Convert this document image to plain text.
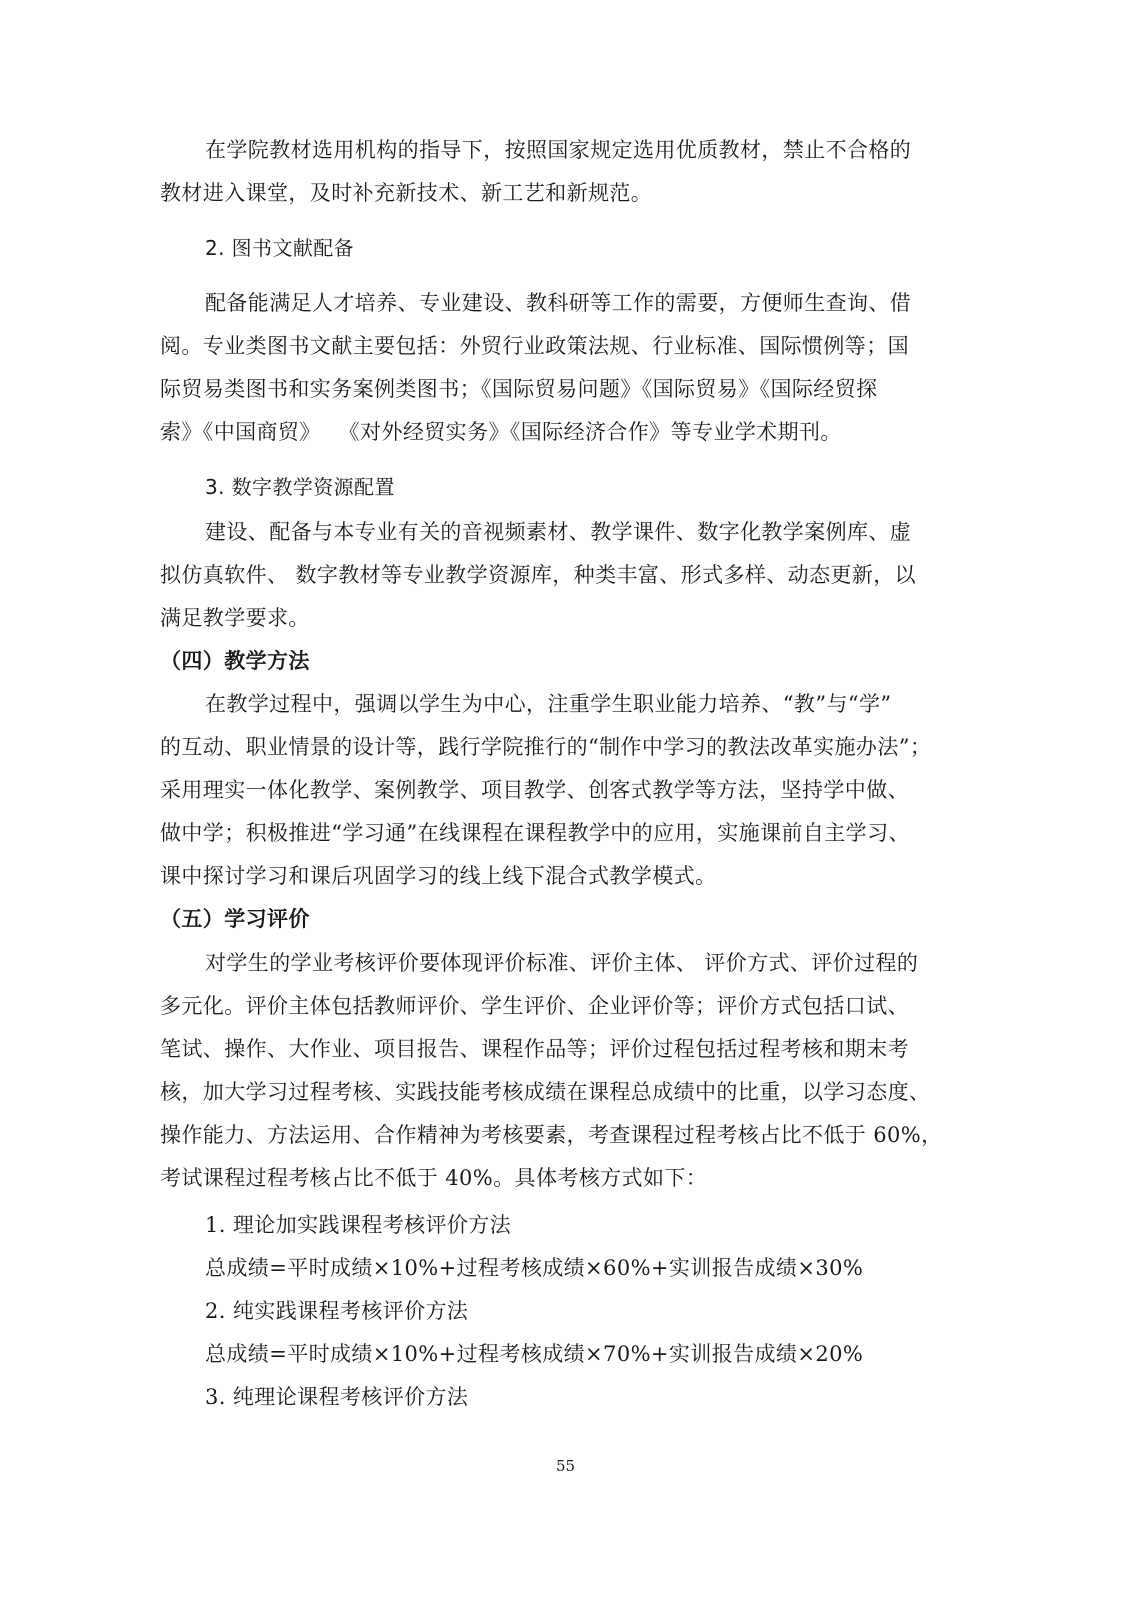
在学院教材选用机构的指导下，按照国家规定选用优质教材，禁止不合格的
教材进入课堂，及时补充新技术、新工艺和新规范。
2. 图书文献配备
配备能满足人才培养、专业建设、教科研等工作的需要，方便师生查询、借
阅。专业类图书文献主要包括：外贸行业政策法规、行业标准、国际惯例等；国
际贸易类图书和实务案例类图书；《国际贸易问题》《国际贸易》《国际经贸探
索》《中国商贸》　 《对外经贸实务》《国际经济合作》等专业学术期刊。
3. 数字教学资源配置
建设、配备与本专业有关的音视频素材、教学课件、数字化教学案例库、虚
拟仿真软件、 数字教材等专业教学资源库，种类丰富、形式多样、动态更新，以
满足教学要求。
（四）教学方法
在教学过程中，强调以学生为中心，注重学生职业能力培养、“教”与“学”
的互动、职业情景的设计等，践行学院推行的“制作中学习的教法改革实施办法”；
采用理实一体化教学、案例教学、项目教学、创客式教学等方法，坚持学中做、
做中学；积极推进“学习通”在线课程在课程教学中的应用，实施课前自主学习、
课中探讨学习和课后巩固学习的线上线下混合式教学模式。
（五）学习评价
对学生的学业考核评价要体现评价标准、评价主体、 评价方式、评价过程的
多元化。评价主体包括教师评价、学生评价、企业评价等；评价方式包括口试、
笔试、操作、大作业、项目报告、课程作品等；评价过程包括过程考核和期末考
核，加大学习过程考核、实践技能考核成绩在课程总成绩中的比重，以学习态度、
操作能力、方法运用、合作精神为考核要素，考查课程过程考核占比不低于 60%，
考试课程过程考核占比不低于 40%。具体考核方式如下：
1. 理论加实践课程考核评价方法
总成绩=平时成绩×10%+过程考核成绩×60%+实训报告成绩×30%
2. 纯实践课程考核评价方法
总成绩=平时成绩×10%+过程考核成绩×70%+实训报告成绩×20%
3. 纯理论课程考核评价方法
55
